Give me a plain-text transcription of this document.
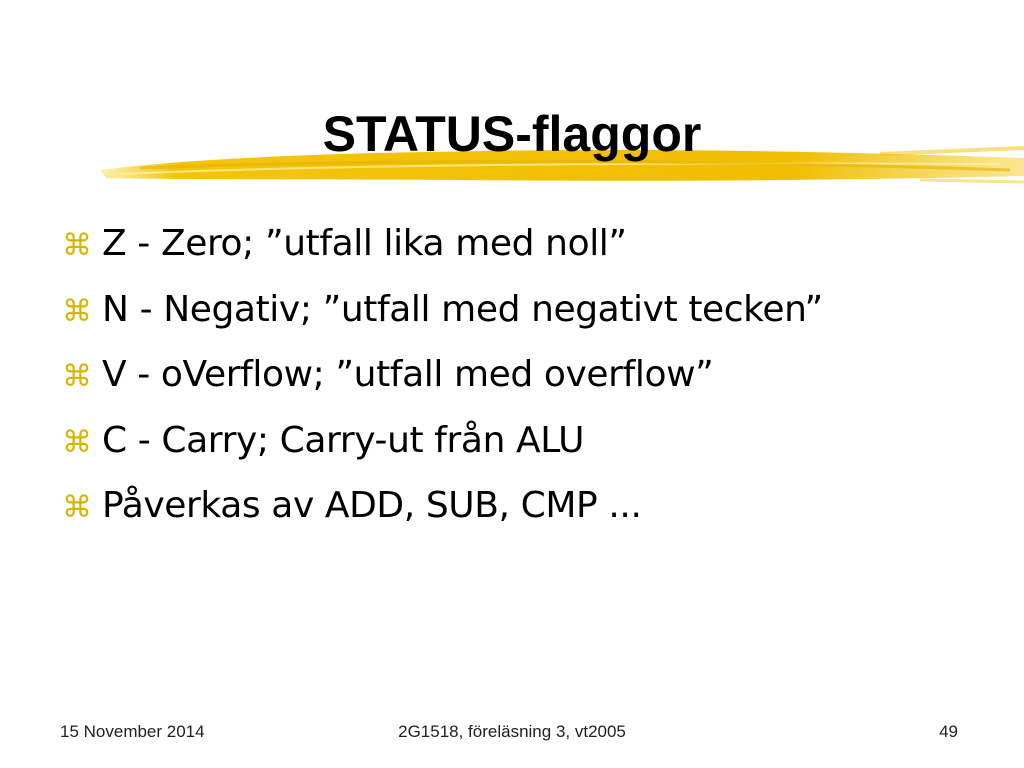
STATUS-flaggor
⌘ Z - Zero; ”utfall lika med noll”
⌘ N - Negativ; ”utfall med negativt tecken”
⌘ V - oVerflow; ”utfall med overflow”
⌘ C - Carry; Carry-ut från ALU
⌘ Påverkas av ADD, SUB, CMP ...
15 November 2014	2G1518, föreläsning 3, vt2005	49
